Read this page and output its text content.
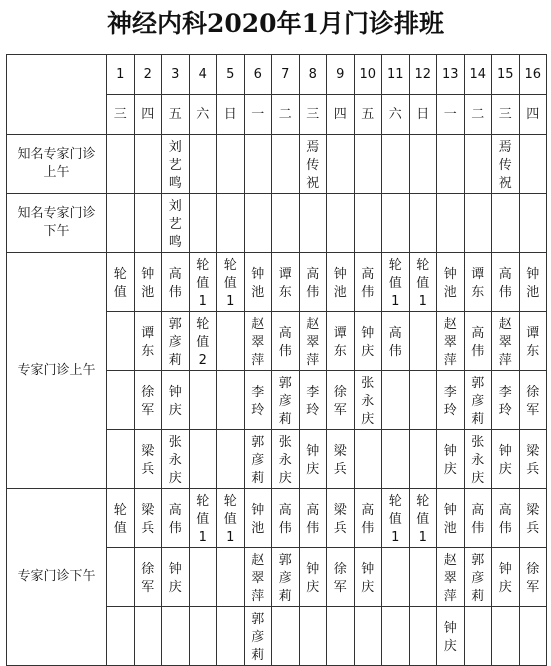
神经内科2020年1月门诊排班
	1	2	3	4	5	6	7	8	9	10	11	12	13	14	15	16
	三	四	五	六	日	一	二	三	四	五	六	日	一	二	三	四
知名专家门诊上午			刘艺鸣					焉传祝							焉传祝	

知名专家门诊下午			刘艺鸣													

专家门诊上午	轮值	钟池	高伟	轮值1	轮值1	钟池	谭东	高伟	钟池	高伟	轮值1	轮值1	钟池	谭东	高伟	钟池

		谭东	郭彦莉	轮值2		赵翠萍	高伟	赵翠萍	谭东	钟庆	高伟		赵翠萍	高伟	赵翠萍	谭东

		徐军	钟庆			李玲	郭彦莉	李玲	徐军	张永庆			李玲	郭彦莉	李玲	徐军

		梁兵	张永庆			郭彦莉	张永庆	钟庆	梁兵				钟庆	张永庆	钟庆	梁兵

专家门诊下午	轮值	梁兵	高伟	轮值1	轮值1	钟池	高伟	高伟	梁兵	高伟	轮值1	轮值1	钟池	高伟	高伟	梁兵

		徐军	钟庆			赵翠萍	郭彦莉	钟庆	徐军	钟庆			赵翠萍	郭彦莉	钟庆	徐军

						郭彦莉							钟庆			
